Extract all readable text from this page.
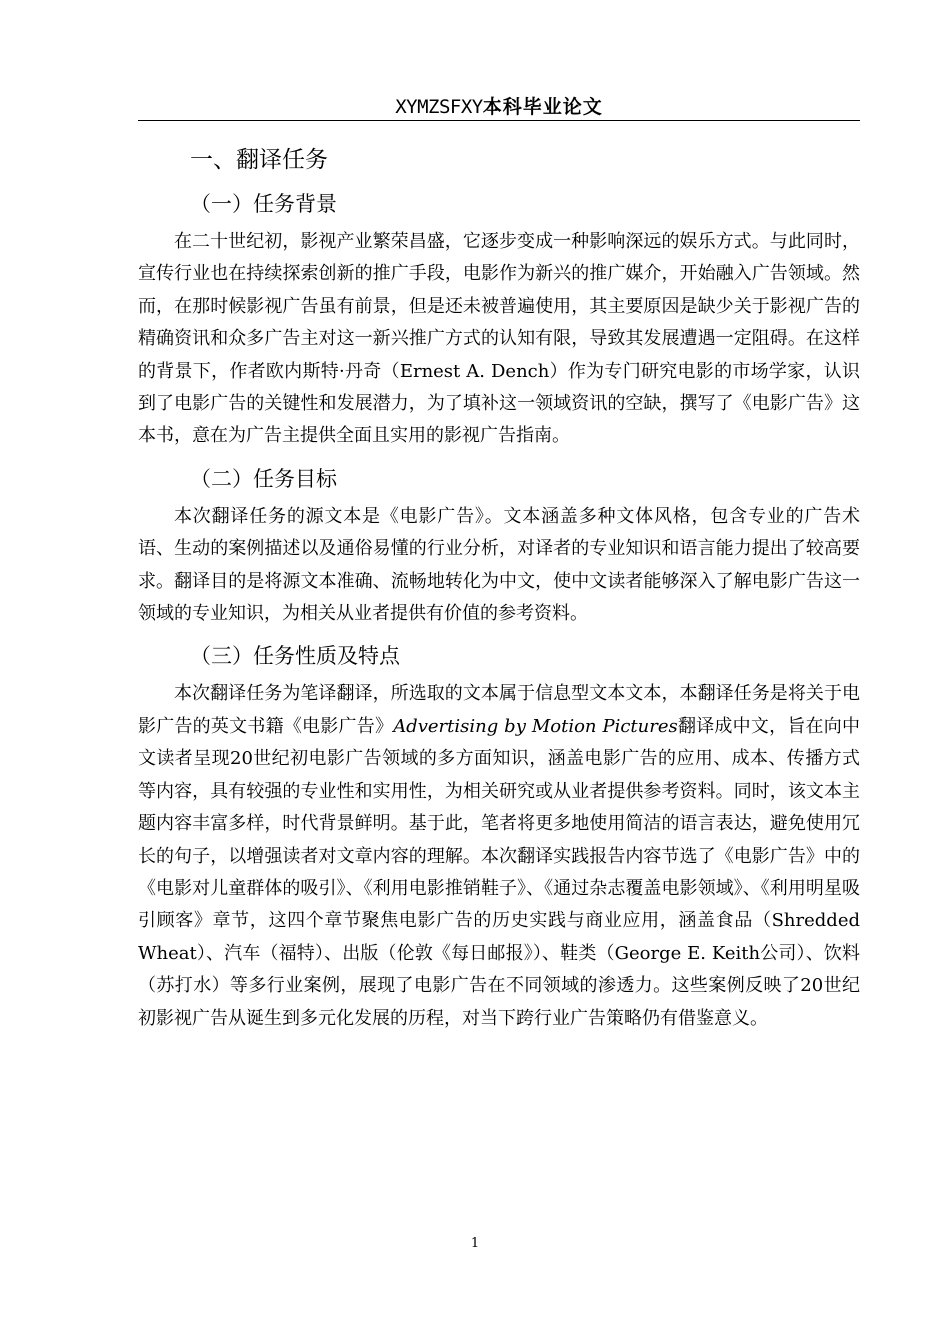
XYMZSFXY本科毕业论文
一、翻译任务
（一）任务背景

在二十世纪初，影视产业繁荣昌盛，它逐步变成一种影响深远的娱乐方式。与此同时，宣传行业也在持续探索创新的推广手段，电影作为新兴的推广媒介，开始融入广告领域。然而，在那时候影视广告虽有前景，但是还未被普遍使用，其主要原因是缺少关于影视广告的精确资讯和众多广告主对这一新兴推广方式的认知有限，导致其发展遭遇一定阻碍。在这样的背景下，作者欧内斯特·丹奇（Ernest A. Dench）作为专门研究电影的市场学家，认识到了电影广告的关键性和发展潜力，为了填补这一领域资讯的空缺，撰写了《电影广告》这本书，意在为广告主提供全面且实用的影视广告指南。

（二）任务目标

本次翻译任务的源文本是《电影广告》。文本涵盖多种文体风格，包含专业的广告术语、生动的案例描述以及通俗易懂的行业分析，对译者的专业知识和语言能力提出了较高要求。翻译目的是将源文本准确、流畅地转化为中文，使中文读者能够深入了解电影广告这一领域的专业知识，为相关从业者提供有价值的参考资料。

（三）任务性质及特点

本次翻译任务为笔译翻译，所选取的文本属于信息型文本文本，本翻译任务是将关于电影广告的英文书籍《电影广告》Advertising by Motion Pictures翻译成中文，旨在向中文读者呈现20世纪初电影广告领域的多方面知识，涵盖电影广告的应用、成本、传播方式等内容，具有较强的专业性和实用性，为相关研究或从业者提供参考资料。同时，该文本主题内容丰富多样，时代背景鲜明。基于此，笔者将更多地使用简洁的语言表达，避免使用冗长的句子，以增强读者对文章内容的理解。本次翻译实践报告内容节选了《电影广告》中的《电影对儿童群体的吸引》、《利用电影推销鞋子》、《通过杂志覆盖电影领域》、《利用明星吸引顾客》章节，这四个章节聚焦电影广告的历史实践与商业应用，涵盖食品（Shredded Wheat）、汽车（福特）、出版（伦敦《每日邮报》）、鞋类（George E. Keith公司）、饮料（苏打水）等多行业案例，展现了电影广告在不同领域的渗透力。这些案例反映了20世纪初影视广告从诞生到多元化发展的历程，对当下跨行业广告策略仍有借鉴意义。

1
